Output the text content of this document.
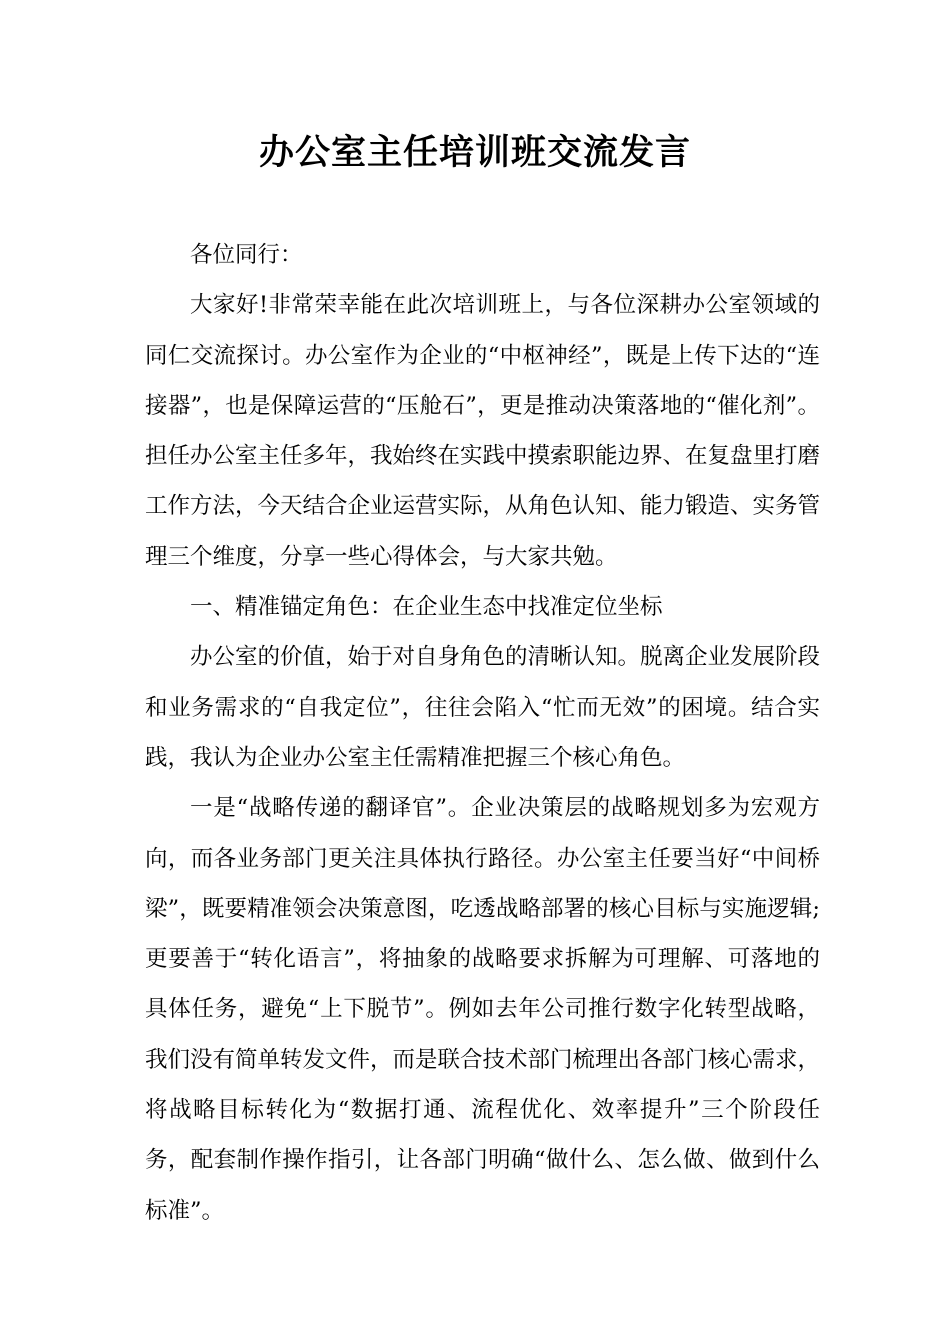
办公室主任培训班交流发言

各位同行：

大家好!非常荣幸能在此次培训班上，与各位深耕办公室领域的同仁交流探讨。办公室作为企业的“中枢神经”，既是上传下达的“连接器”，也是保障运营的“压舱石”，更是推动决策落地的“催化剂”。担任办公室主任多年，我始终在实践中摸索职能边界、在复盘里打磨工作方法，今天结合企业运营实际，从角色认知、能力锻造、实务管理三个维度，分享一些心得体会，与大家共勉。

一、精准锚定角色：在企业生态中找准定位坐标

办公室的价值，始于对自身角色的清晰认知。脱离企业发展阶段和业务需求的“自我定位”，往往会陷入“忙而无效”的困境。结合实践，我认为企业办公室主任需精准把握三个核心角色。

一是“战略传递的翻译官”。企业决策层的战略规划多为宏观方向，而各业务部门更关注具体执行路径。办公室主任要当好“中间桥梁”，既要精准领会决策意图，吃透战略部署的核心目标与实施逻辑;更要善于“转化语言”，将抽象的战略要求拆解为可理解、可落地的具体任务，避免“上下脱节”。例如去年公司推行数字化转型战略，我们没有简单转发文件，而是联合技术部门梳理出各部门核心需求，将战略目标转化为“数据打通、流程优化、效率提升”三个阶段任务，配套制作操作指引，让各部门明确“做什么、怎么做、做到什么标准”。
